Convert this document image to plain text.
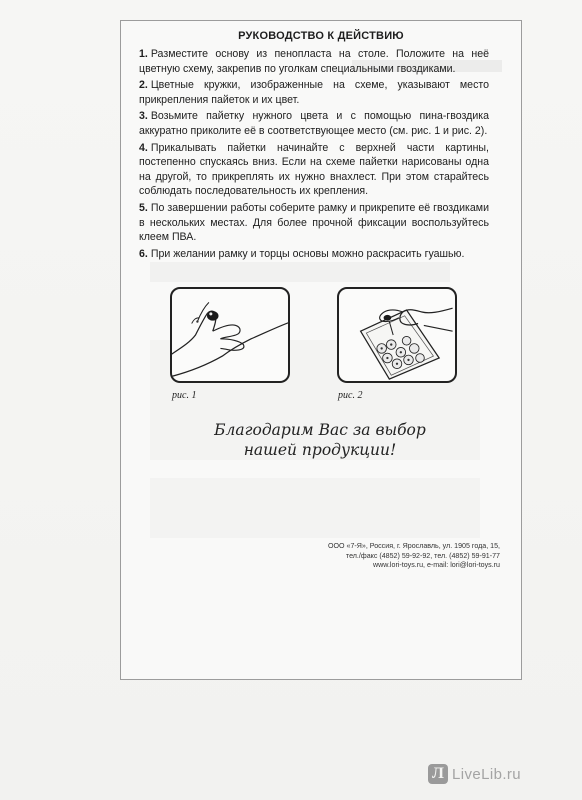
РУКОВОДСТВО К ДЕЙСТВИЮ

1. Разместите основу из пенопласта на столе. Положите на неё цветную схему, закрепив по уголкам специальными гвоздиками.

2. Цветные кружки, изображенные на схеме, указывают место прикрепления пайеток и их цвет.

3. Возьмите пайетку нужного цвета и с помощью пина-гвоздика аккуратно приколите её в соответствующее место (см. рис. 1 и рис. 2).

4. Прикалывать пайетки начинайте с верхней части картины, постепенно спускаясь вниз. Если на схеме пайетки нарисованы одна на другой, то прикреплять их нужно внахлест. При этом старайтесь соблюдать последовательность их крепления.

5. По завершении работы соберите рамку и прикрепите её гвоздиками в нескольких местах. Для более прочной фиксации воспользуйтесь клеем ПВА.

6. При желании рамку и торцы основы можно раскрасить гуашью.

рис. 1	рис. 2
Благодарим Вас за выбор
нашей продукции!
ООО «7-Я», Россия, г. Ярославль, ул. 1905 года, 15,
тел./факс (4852) 59-92-92, тел. (4852) 59-91-77
www.lori-toys.ru, e-mail: lori@lori-toys.ru
Л LiveLib.ru
